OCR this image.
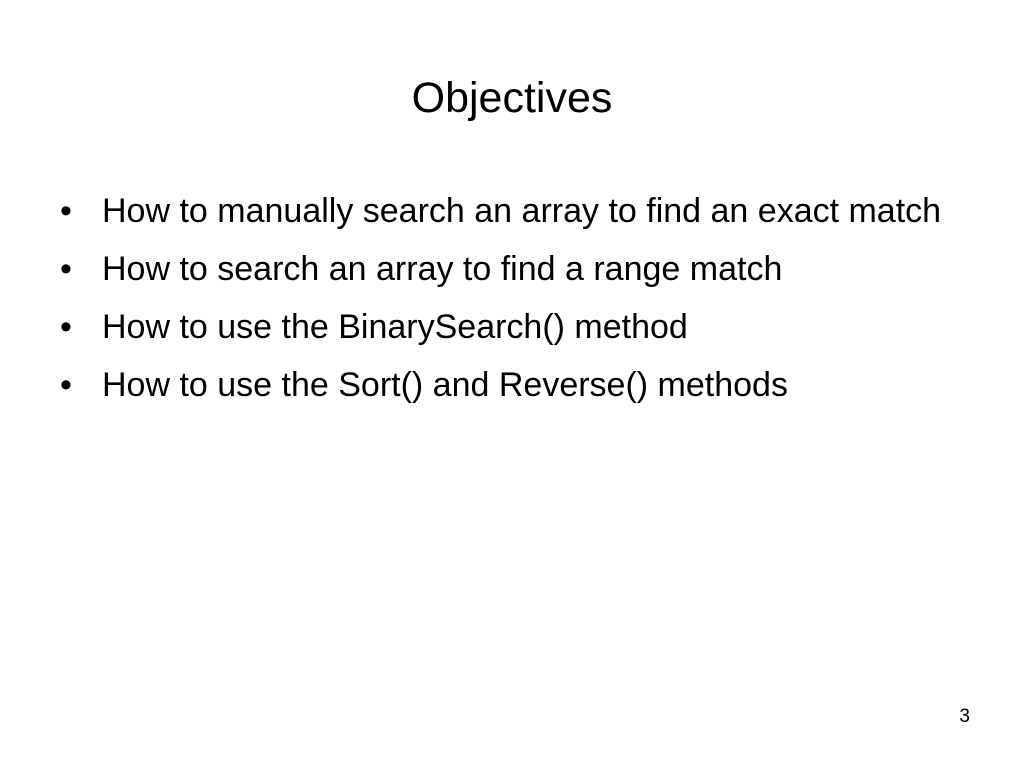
Objectives
• How to manually search an array to find an exact match
• How to search an array to find a range match
• How to use the BinarySearch() method
• How to use the Sort() and Reverse() methods
3
